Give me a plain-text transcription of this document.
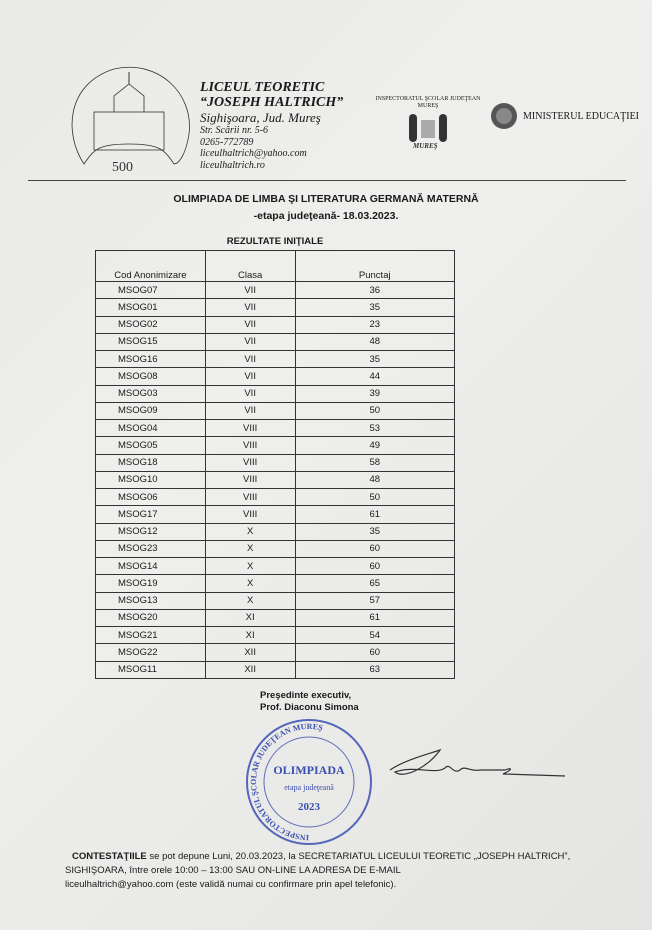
500
LICEUL TEORETIC
“JOSEPH HALTRICH”
Sighişoara, Jud. Mureş
Str. Scării nr. 5-6
0265-772789
liceulhaltrich@yahoo.com
liceulhaltrich.ro
INSPECTORATUL ŞCOLAR JUDEŢEAN
MUREŞ
MUREŞ
MINISTERUL EDUCAŢIEI
OLIMPIADA DE LIMBA ŞI LITERATURA GERMANĂ MATERNĂ
-etapa judeţeană- 18.03.2023.
REZULTATE INIŢIALE
Cod Anonimizare	Clasa	Punctaj
MSOG07	VII	36
MSOG01	VII	35
MSOG02	VII	23
MSOG15	VII	48
MSOG16	VII	35
MSOG08	VII	44
MSOG03	VII	39
MSOG09	VII	50
MSOG04	VIII	53
MSOG05	VIII	49
MSOG18	VIII	58
MSOG10	VIII	48
MSOG06	VIII	50
MSOG17	VIII	61
MSOG12	X	35
MSOG23	X	60
MSOG14	X	60
MSOG19	X	65
MSOG13	X	57
MSOG20	XI	61
MSOG21	XI	54
MSOG22	XII	60
MSOG11	XII	63
Preşedinte executiv,
Prof. Diaconu Simona
INSPECTORATUL ŞCOLAR JUDEŢEAN MUREŞ
OLIMPIADA
etapa judeţeană
2023
CONTESTAŢIILE se pot depune Luni, 20.03.2023, la SECRETARIATUL LICEULUI TEORETIC „JOSEPH HALTRICH”,
SIGHIŞOARA, între orele 10:00 – 13:00 SAU ON-LINE LA ADRESA DE E-MAIL
liceulhaltrich@yahoo.com (este validă numai cu confirmare prin apel telefonic).
